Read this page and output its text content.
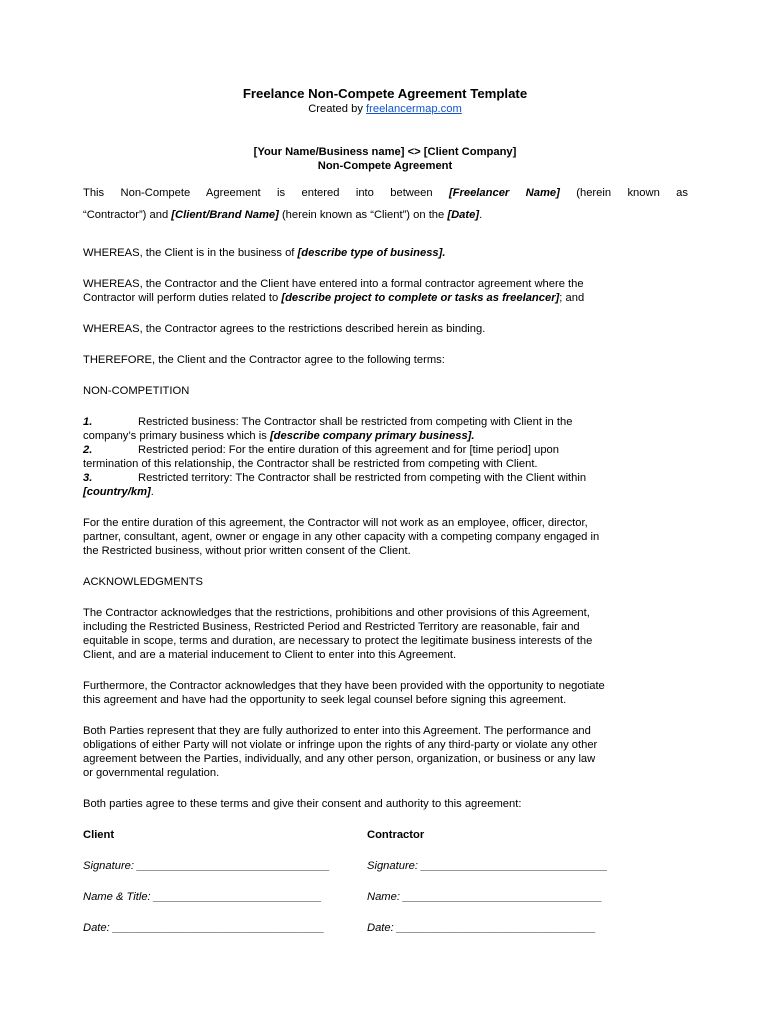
Freelance Non-Compete Agreement Template
Created by freelancermap.com
[Your Name/Business name] <> [Client Company]
Non-Compete Agreement
This Non-Compete Agreement is entered into between [Freelancer Name] (herein known as
“Contractor”) and [Client/Brand Name] (herein known as “Client”) on the [Date].
WHEREAS, the Client is in the business of [describe type of business].
WHEREAS, the Contractor and the Client have entered into a formal contractor agreement where the
Contractor will perform duties related to [describe project to complete or tasks as freelancer]; and
WHEREAS, the Contractor agrees to the restrictions described herein as binding.
THEREFORE, the Client and the Contractor agree to the following terms:
NON-COMPETITION
1.	Restricted business: The Contractor shall be restricted from competing with Client in the
company’s primary business which is [describe company primary business].
2.	Restricted period: For the entire duration of this agreement and for [time period] upon
termination of this relationship, the Contractor shall be restricted from competing with Client.
3.	Restricted territory: The Contractor shall be restricted from competing with the Client within
[country/km].
For the entire duration of this agreement, the Contractor will not work as an employee, officer, director,
partner, consultant, agent, owner or engage in any other capacity with a competing company engaged in
the Restricted business, without prior written consent of the Client.
ACKNOWLEDGMENTS
The Contractor acknowledges that the restrictions, prohibitions and other provisions of this Agreement,
including the Restricted Business, Restricted Period and Restricted Territory are reasonable, fair and
equitable in scope, terms and duration, are necessary to protect the legitimate business interests of the
Client, and are a material inducement to Client to enter into this Agreement.
Furthermore, the Contractor acknowledges that they have been provided with the opportunity to negotiate
this agreement and have had the opportunity to seek legal counsel before signing this agreement.
Both Parties represent that they are fully authorized to enter into this Agreement. The performance and
obligations of either Party will not violate or infringe upon the rights of any third-party or violate any other
agreement between the Parties, individually, and any other person, organization, or business or any law
or governmental regulation.
Both parties agree to these terms and give their consent and authority to this agreement:
Client	Contractor
Signature: _______________________________	Signature: ______________________________
Name & Title: ___________________________	Name: ________________________________
Date: __________________________________	Date: ________________________________
